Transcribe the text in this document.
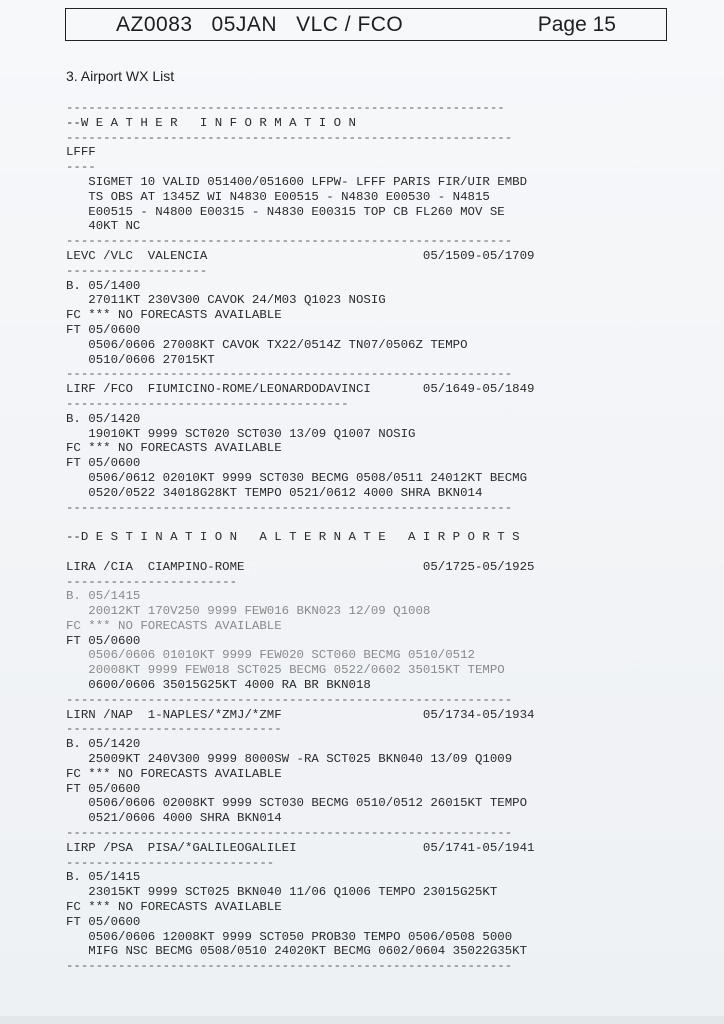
AZ0083   05JAN   VLC / FCO	Page 15
3. Airport WX List
-----------------------------------------------------------
--W E A T H E R   I N F O R M A T I O N
------------------------------------------------------------
LFFF
----
SIGMET 10 VALID 051400/051600 LFPW- LFFF PARIS FIR/UIR EMBD
TS OBS AT 1345Z WI N4830 E00515 - N4830 E00530 - N4815
E00515 - N4800 E00315 - N4830 E00315 TOP CB FL260 MOV SE
40KT NC
------------------------------------------------------------
LEVC /VLC  VALENCIA                             05/1509-05/1709
-------------------
B. 05/1400
27011KT 230V300 CAVOK 24/M03 Q1023 NOSIG
FC *** NO FORECASTS AVAILABLE
FT 05/0600
0506/0606 27008KT CAVOK TX22/0514Z TN07/0506Z TEMPO
0510/0606 27015KT
------------------------------------------------------------
LIRF /FCO  FIUMICINO-ROME/LEONARDODAVINCI       05/1649-05/1849
--------------------------------------
B. 05/1420
19010KT 9999 SCT020 SCT030 13/09 Q1007 NOSIG
FC *** NO FORECASTS AVAILABLE
FT 05/0600
0506/0612 02010KT 9999 SCT030 BECMG 0508/0511 24012KT BECMG
0520/0522 34018G28KT TEMPO 0521/0612 4000 SHRA BKN014
------------------------------------------------------------
--D E S T I N A T I O N   A L T E R N A T E   A I R P O R T S
LIRA /CIA  CIAMPINO-ROME                        05/1725-05/1925
-----------------------
B. 05/1415
20012KT 170V250 9999 FEW016 BKN023 12/09 Q1008
FC *** NO FORECASTS AVAILABLE
FT 05/0600
0506/0606 01010KT 9999 FEW020 SCT060 BECMG 0510/0512
20008KT 9999 FEW018 SCT025 BECMG 0522/0602 35015KT TEMPO
0600/0606 35015G25KT 4000 RA BR BKN018
------------------------------------------------------------
LIRN /NAP  1-NAPLES/*ZMJ/*ZMF                   05/1734-05/1934
-----------------------------
B. 05/1420
25009KT 240V300 9999 8000SW -RA SCT025 BKN040 13/09 Q1009
FC *** NO FORECASTS AVAILABLE
FT 05/0600
0506/0606 02008KT 9999 SCT030 BECMG 0510/0512 26015KT TEMPO
0521/0606 4000 SHRA BKN014
------------------------------------------------------------
LIRP /PSA  PISA/*GALILEOGALILEI                 05/1741-05/1941
----------------------------
B. 05/1415
23015KT 9999 SCT025 BKN040 11/06 Q1006 TEMPO 23015G25KT
FC *** NO FORECASTS AVAILABLE
FT 05/0600
0506/0606 12008KT 9999 SCT050 PROB30 TEMPO 0506/0508 5000
MIFG NSC BECMG 0508/0510 24020KT BECMG 0602/0604 35022G35KT
------------------------------------------------------------
